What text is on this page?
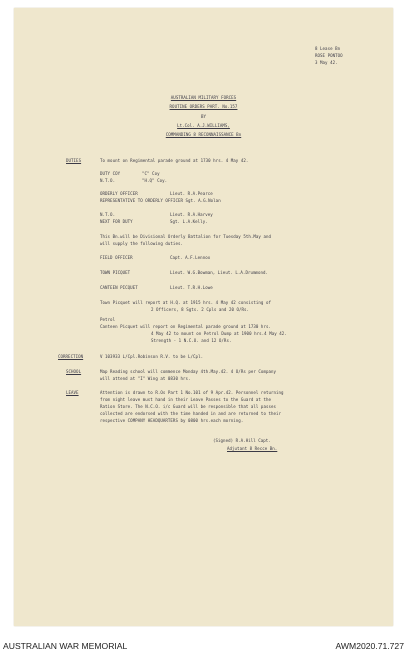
8 Lease Bn
ROSE PONTOO
3 May 42.
AUSTRALIAN MILITARY FORCES
ROUTINE ORDERS PART. No.157
BY
Lt.Col. A.J.WILLIAMS,
COMMANDING 8 RECONNAISSANCE Bn
DUTIES	To mount on Regimental parade ground at 1730 hrs. 4 May 42.
DUTY COY	"C" Coy
N.T.O.	"H.Q" Coy.
ORDERLY OFFICER	Lieut. R.A.Pearce
REPRESENTATIVE TO ORDERLY OFFICER Sgt. A.G.Nolan
N.T.O.	Lieut. R.A.Harvey
NEXT FOR DUTY	Sgt. L.A.Kelly.
This Bn.will be Divisional Orderly Battalion for Tuesday 5th.May and
will supply the following duties.
FIELD OFFICER	Capt. A.F.Lennox
TOWN PICQUET	Lieut. W.G.Bowman, Lieut. L.A.Drummond.
CANTEEN PICQUET	Lieut. T.R.H.Lowe
Town Picquet will report at H.Q. at 1915 hrs. 4 May 42 consisting of
2 Officers, 8 Sgts. 2 Cpls and 20 O/Rs.
Petrol
Canteen Picquet will report on Regimental parade ground at 1730 hrs.
4 May 42 to mount on Petrol Dump at 1900 hrs.4 May 42.
Strength - 1 N.C.O. and 12 O/Rs.
CORRECTION	V 103933 L/Cpl.Robinson R.V. to be L/Cpl.
SCHOOL	Map Reading school will commence Monday 4th.May.42. 4 O/Rs per Company
will attend at "I" Wing at 0830 hrs.
LEAVE	Attention is drawn to R.Os Part 1 No.101 of 9 Apr.42. Personnel returning
from night leave must hand in their Leave Passes to the Guard at the
Ration Store. The N.C.O. i/c Guard will be responsible that all passes
collected are endorsed with the time handed in and are returned to their
respective COMPANY HEADQUARTERS by 0800 hrs.each morning.
(Signed) R.A.Hill Capt.
Adjutant 8 Recce Bn.
AUSTRALIAN WAR MEMORIAL	AWM2020.71.727
